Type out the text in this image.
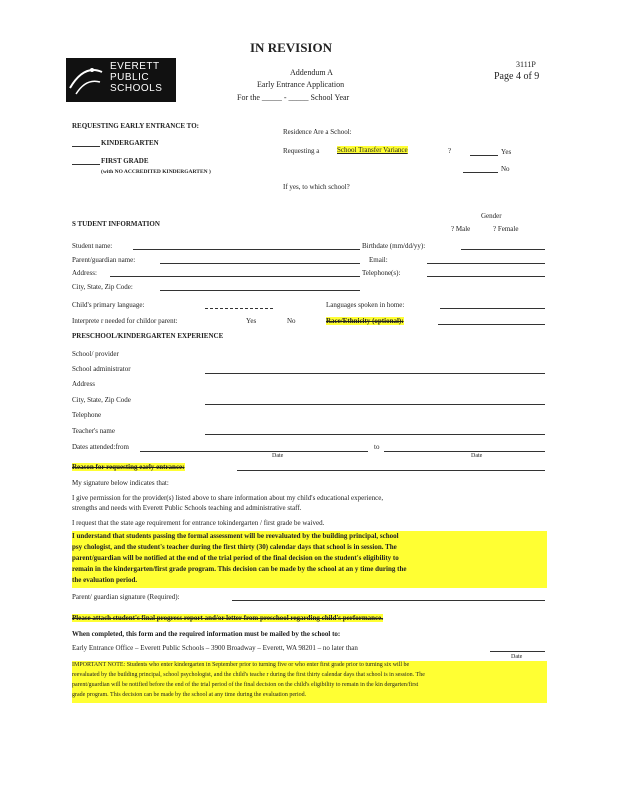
IN REVISION
EVERETT
PUBLIC
SCHOOLS
Addendum A
Early Entrance Application
For the _____ - _____ School Year
3111P
Page 4 of 9
REQUESTING EARLY ENTRANCE TO:
KINDERGARTEN
FIRST GRADE
(with NO ACCREDITED KINDERGARTEN )
Residence Are a School:
Requesting a	School Transfer Variance	?	Yes
No
If yes, to which school?
S TUDENT INFORMATION
Gender
? Male	? Female
Student name:	Birthdate (mm/dd/yy):
Parent/guardian name:	Email:
Address:	Telephone(s):
City, State, Zip Code:
Child's primary language:	Languages spoken in home:
Interprete r needed for childor parent:	Yes	No	Race/Ethnicity (optional):
PRESCHOOL/KINDERGARTEN EXPERIENCE
School/ provider
School administrator
Address
City, State, Zip Code
Telephone
Teacher's name
Dates attended:from	to
Date	Date
Reason for requesting early entrance:
My signature below indicates that:
I give permission for the provider(s) listed above to share information about my child's educational experience,
strengths and needs with Everett Public Schools teaching and administrative staff.
I request that the state age requirement for entrance tokindergarten / first grade be waived.
I understand that students passing the formal assessment will be reevaluated by the building principal, school
psy chologist, and the student's teacher during the first thirty (30) calendar days that school is in session. The
parent/guardian will be notified at the end of the trial period of the final decision on the student's eligibility to
remain in the kindergarten/first grade program. This decision can be made by the school at an y time during the
the evaluation period.
Parent/ guardian signature (Required):
Please attach student's final progress report and/or letter from preschool regarding child's performance.
When completed, this form and the required information must be mailed by the school to:
Early Entrance Office – Everett Public Schools – 3900 Broadway – Everett, WA 98201 – no later than
Date
IMPORTANT NOTE: Students who enter kindergarten in September prior to turning five or who enter first grade prior to turning six will be
reevaluated by the building principal, school psychologist, and the child's teache r during the first thirty calendar days that school is in session. The
parent/guardian will be notified before the end of the trial period of the final decision on the child's eligibility to remain in the kin dergarten/first
grade program. This decision can be made by the school at any time during the evaluation period.
